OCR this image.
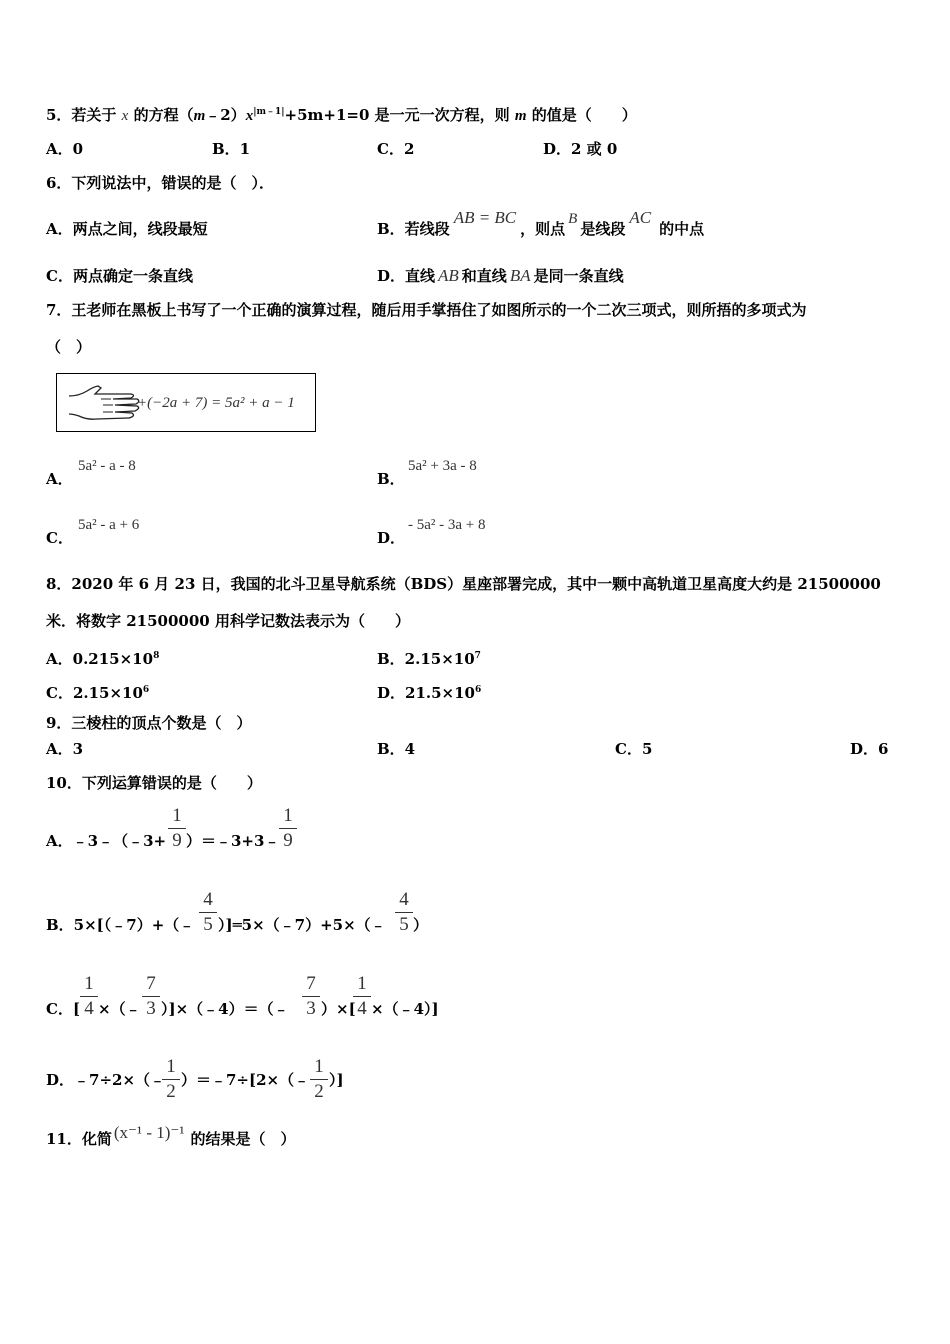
5．若关于 x 的方程$(m﹣2)x^{|m﹣1|}+5m+1=0$ 是一元一次方程，则 m 的值是（　　）
A．0	B．1	C．2	D．2 或 0
6．下列说法中，错误的是（　）．
A．两点之间，线段最短	B．若线段AB = BC，则点B是线段AC的中点
C．两点确定一条直线	D．直线 AB 和直线 BA 是同一条直线
7．王老师在黑板上书写了一个正确的演算过程，随后用手掌捂住了如图所示的一个二次三项式，则所捂的多项式为
（　）
+(−2a + 7) = 5a² + a − 1
A．
5a² - a - 8
B．
5a² + 3a - 8
C．
5a² - a + 6
D．
- 5a² - 3a + 8
8．2020 年 6 月 23 日，我国的北斗卫星导航系统（BDS）星座部署完成，其中一颗中高轨道卫星高度大约是 21500000
米．将数字 21500000 用科学记数法表示为（　　）
A．$0.215\times 10^8$	B．$2.15\times 10^7$
C．$2.15\times 10^6$	D．$21.5\times 10^6$
9．三棱柱的顶点个数是（　）
A．3	B．4	C．5	D．6
10．下列运算错误的是（　　）
A．﹣3﹣（﹣3+
1
9 ）＝﹣3+3﹣
1
9
B．5×[（﹣7）+（﹣
4
5 ）]═5×（﹣7）+5×（﹣
4
5 ）
C．[
1
4 ×（﹣
7
3 ）]×（﹣4）＝（﹣
7
3 ）×[
1
4 ×（﹣4）]
D．﹣7÷2×（﹣
1
2
）＝﹣7÷[2×（﹣
1
2
）]
11．化简 (x⁻¹ - 1)⁻¹ 的结果是（　）
